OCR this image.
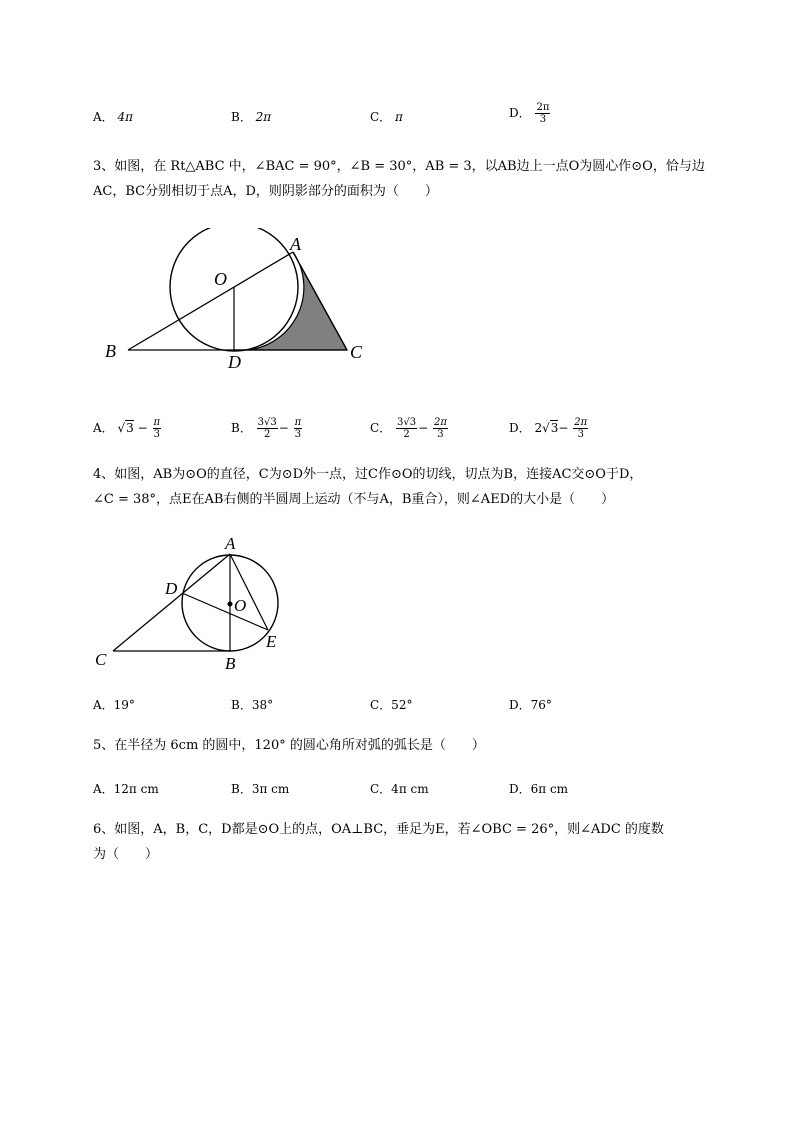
A． 4π	B． 2π	C． π	D． $\frac{2\pi}{3}$
3、如图，在 Rt△ABC 中，∠BAC = 90°，∠B = 30°，AB = 3，以AB边上一点O为圆心作⊙O，恰与边
AC，BC分别相切于点A，D，则阴影部分的面积为（　　）
A
O
B
D	C
A． $√3 - \frac{\pi}{3}$	B． $\frac{3√3}{2} - \frac{\pi}{3}$	C． $\frac{3√3}{2} - \frac{2\pi}{3}$	D． $2√3- \frac{2\pi}{3}$
4、如图，AB为⊙O的直径，C为⊙D外一点，过C作⊙O的切线，切点为B，连接AC交⊙O于D，
∠C = 38°，点E在AB右侧的半圆周上运动（不与A，B重合），则∠AED的大小是（　　）
A
D
O
E
C	B
A．19°	B．38°	C．52°	D．76°
5、在半径为 6cm 的圆中，120° 的圆心角所对弧的弧长是（　　）
A．12π cm	B．3π cm	C．4π cm	D．6π cm
6、如图，A，B，C，D都是⊙O上的点，OA⊥BC，垂足为E，若∠OBC = 26°，则∠ADC 的度数
为（　　）
